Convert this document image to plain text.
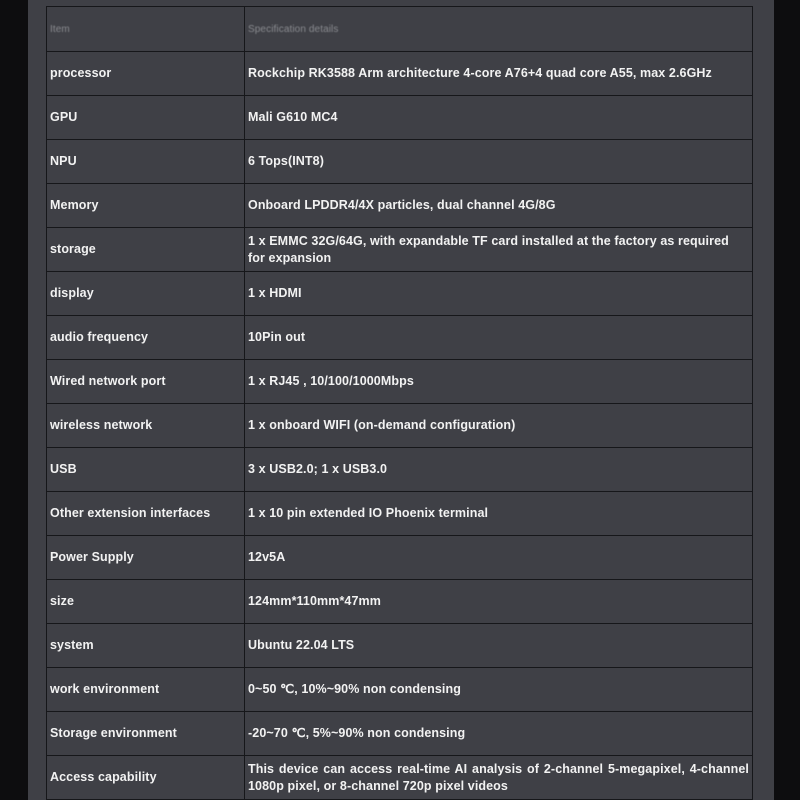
Item	Specification details
processor	Rockchip RK3588 Arm architecture 4-core A76+4 quad core A55, max 2.6GHz
GPU	Mali G610 MC4
NPU	6 Tops(INT8)
Memory	Onboard LPDDR4/4X particles, dual channel 4G/8G
storage	1 x EMMC 32G/64G, with expandable TF card installed at the factory as required for expansion
display	1 x HDMI
audio frequency	10Pin out
Wired network port	1 x RJ45 , 10/100/1000Mbps
wireless network	1 x onboard WIFI (on-demand configuration)
USB	3 x USB2.0; 1 x USB3.0
Other extension interfaces	1 x 10 pin extended IO Phoenix terminal
Power Supply	12v5A
size	124mm*110mm*47mm
system	Ubuntu 22.04 LTS
work environment	0~50 ℃, 10%~90% non condensing
Storage environment	-20~70 ℃, 5%~90% non condensing
Access capability	This device can access real-time AI analysis of 2-channel 5-megapixel, 4-channel 1080p pixel, or 8-channel 720p pixel videos
